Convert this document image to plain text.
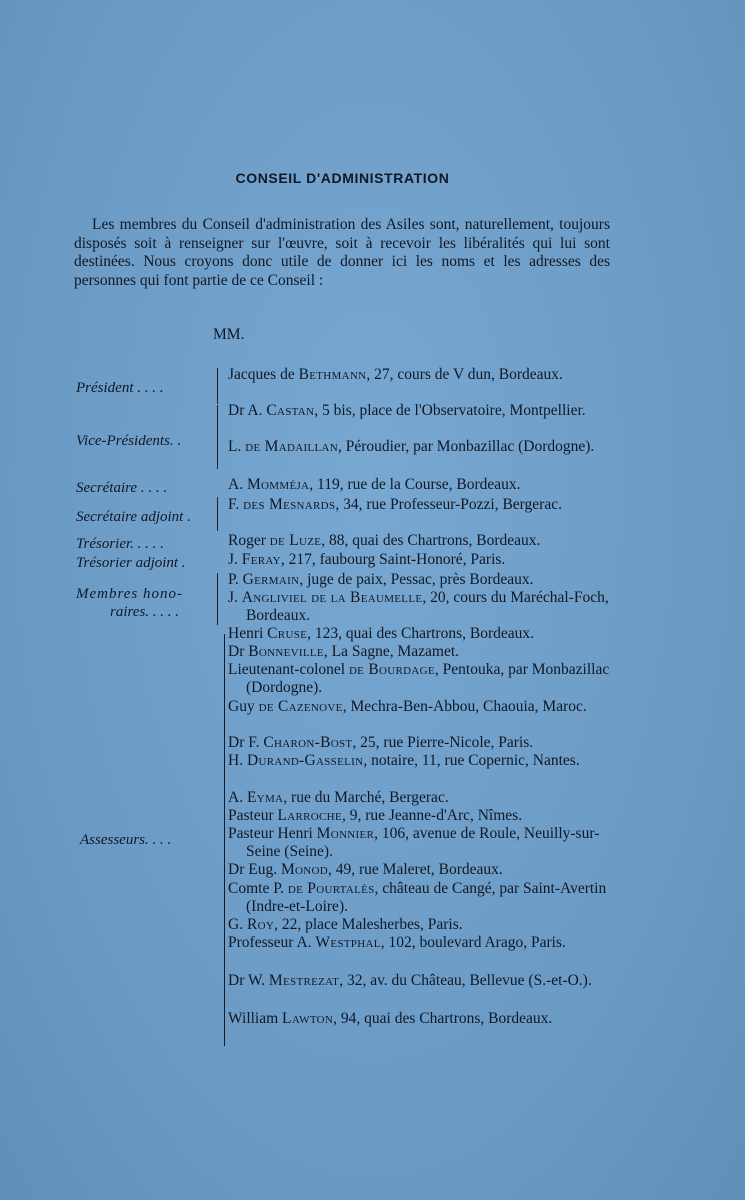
CONSEIL D'ADMINISTRATION
Les membres du Conseil d'administration des Asiles sont, naturellement, toujours disposés soit à renseigner sur l'œuvre, soit à recevoir les libéralités qui lui sont destinées. Nous croyons donc utile de donner ici les noms et les adresses des personnes qui font partie de ce Conseil :
MM.
Président . . . .
Vice-Présidents. .
Secrétaire . . . .
Secrétaire adjoint .
Trésorier. . . . .
Trésorier adjoint .
Membres hono-
raires. . . . .
Assesseurs. . . .
Jacques de Bethmann, 27, cours de V dun, Bordeaux.
Dr A. Castan, 5 bis, place de l'Observatoire, Montpellier.
L. de Madaillan, Péroudier, par Monbazillac (Dordogne).
A. Momméja, 119, rue de la Course, Bordeaux.
F. des Mesnards, 34, rue Professeur-Pozzi, Bergerac.
Roger de Luze, 88, quai des Chartrons, Bordeaux.
J. Feray, 217, faubourg Saint-Honoré, Paris.
P. Germain, juge de paix, Pessac, près Bordeaux.
J. Angliviel de la Beaumelle, 20, cours du Maréchal-Foch, Bordeaux.
Henri Cruse, 123, quai des Chartrons, Bordeaux.
Dr Bonneville, La Sagne, Mazamet.
Lieutenant-colonel de Bourdage, Pentouka, par Monbazillac (Dordogne).
Guy de Cazenove, Mechra-Ben-Abbou, Chaouia, Maroc.
Dr F. Charon-Bost, 25, rue Pierre-Nicole, Paris.
H. Durand-Gasselin, notaire, 11, rue Copernic, Nantes.
A. Eyma, rue du Marché, Bergerac.
Pasteur Larroche, 9, rue Jeanne-d'Arc, Nîmes.
Pasteur Henri Monnier, 106, avenue de Roule, Neuilly-sur-Seine (Seine).
Dr Eug. Monod, 49, rue Maleret, Bordeaux.
Comte P. de Pourtalès, château de Cangé, par Saint-Avertin (Indre-et-Loire).
G. Roy, 22, place Malesherbes, Paris.
Professeur A. Westphal, 102, boulevard Arago, Paris.
Dr W. Mestrezat, 32, av. du Château, Bellevue (S.-et-O.).
William Lawton, 94, quai des Chartrons, Bordeaux.
